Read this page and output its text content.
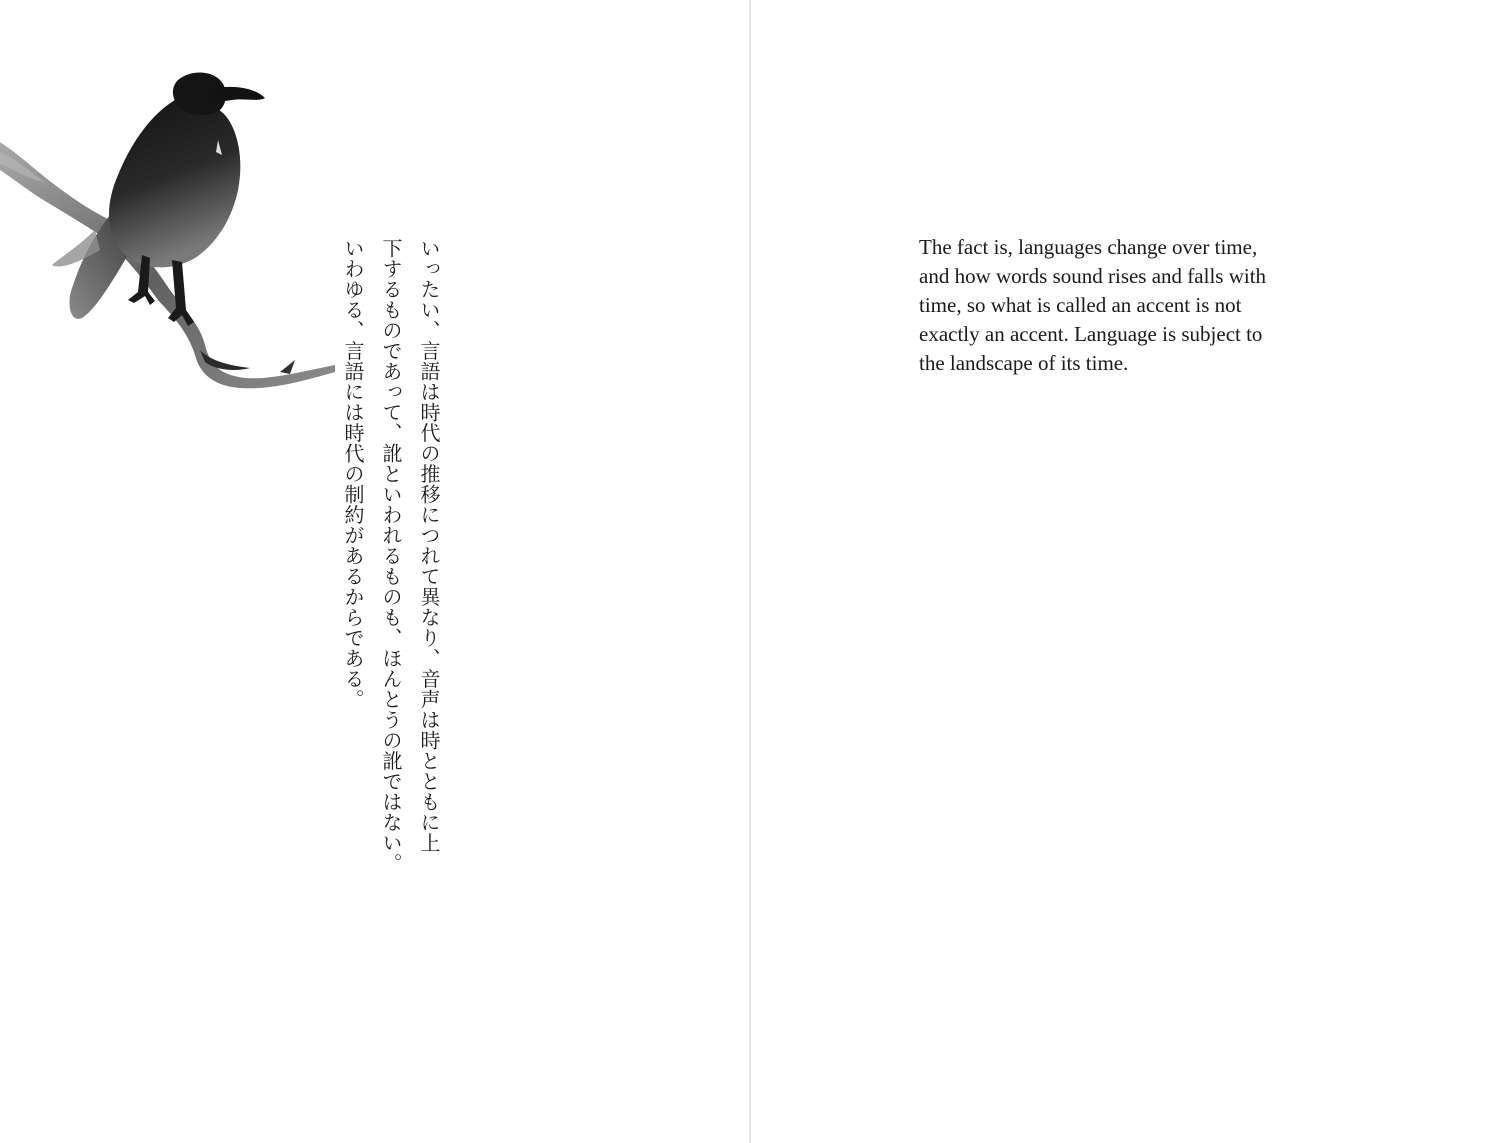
いったい、言語は時代の推移につれて異なり、音声は時とともに上

下するものであって、訛といわれるものも、ほんとうの訛ではない。

いわゆる、言語には時代の制約があるからである。	The fact is, languages change over time,

and how words sound rises and falls with

time, so what is called an accent is not

exactly an accent. Language is subject to

the landscape of its time.
